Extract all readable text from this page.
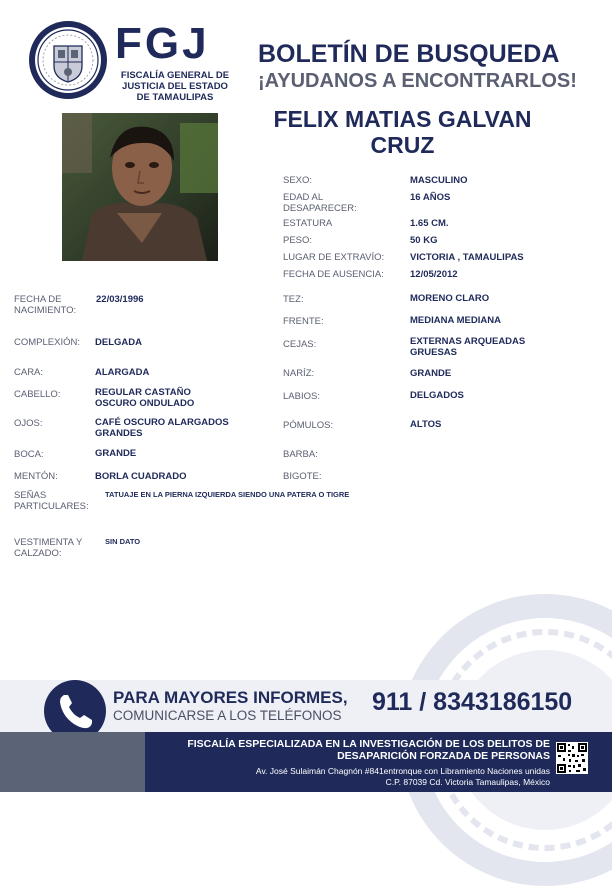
FGJ
FISCALÍA GENERAL DE
JUSTICIA DEL ESTADO
DE TAMAULIPAS
BOLETÍN DE BUSQUEDA
¡AYUDANOS A ENCONTRARLOS!
FELIX MATIAS GALVAN
CRUZ
SEXO:	MASCULINO
EDAD AL
DESAPARECER:
16 AÑOS
ESTATURA	1.65 CM.
PESO:	50 KG
LUGAR DE EXTRAVÍO:	VICTORIA , TAMAULIPAS
FECHA DE AUSENCIA:	12/05/2012
FECHA DE
NACIMIENTO:
22/03/1996
COMPLEXIÓN: DELGADA
CARA:	ALARGADA
CABELLO:	REGULAR CASTAÑO
OSCURO ONDULADO
OJOS:	CAFÉ OSCURO ALARGADOS
GRANDES
BOCA:	GRANDE
MENTÓN:	BORLA CUADRADO
TEZ:	MORENO CLARO
FRENTE:	MEDIANA MEDIANA
CEJAS:	EXTERNAS ARQUEADAS
GRUESAS
NARÍZ:	GRANDE
LABIOS:	DELGADOS
PÓMULOS:	ALTOS
BARBA:
BIGOTE:
SEÑAS
PARTICULARES:
TATUAJE EN LA PIERNA IZQUIERDA SIENDO UNA PATERA O TIGRE
VESTIMENTA Y
CALZADO:
SIN DATO
PARA MAYORES INFORMES,
COMUNICARSE A LOS TELÉFONOS 911 / 8343186150
FISCALÍA ESPECIALIZADA EN LA INVESTIGACIÓN DE LOS DELITOS DE
DESAPARICIÓN FORZADA DE PERSONAS
Av. José Sulaimán Chagnón #841entronque con Libramiento Naciones unidas
C.P. 87039 Cd. Victoria Tamaulipas, México
